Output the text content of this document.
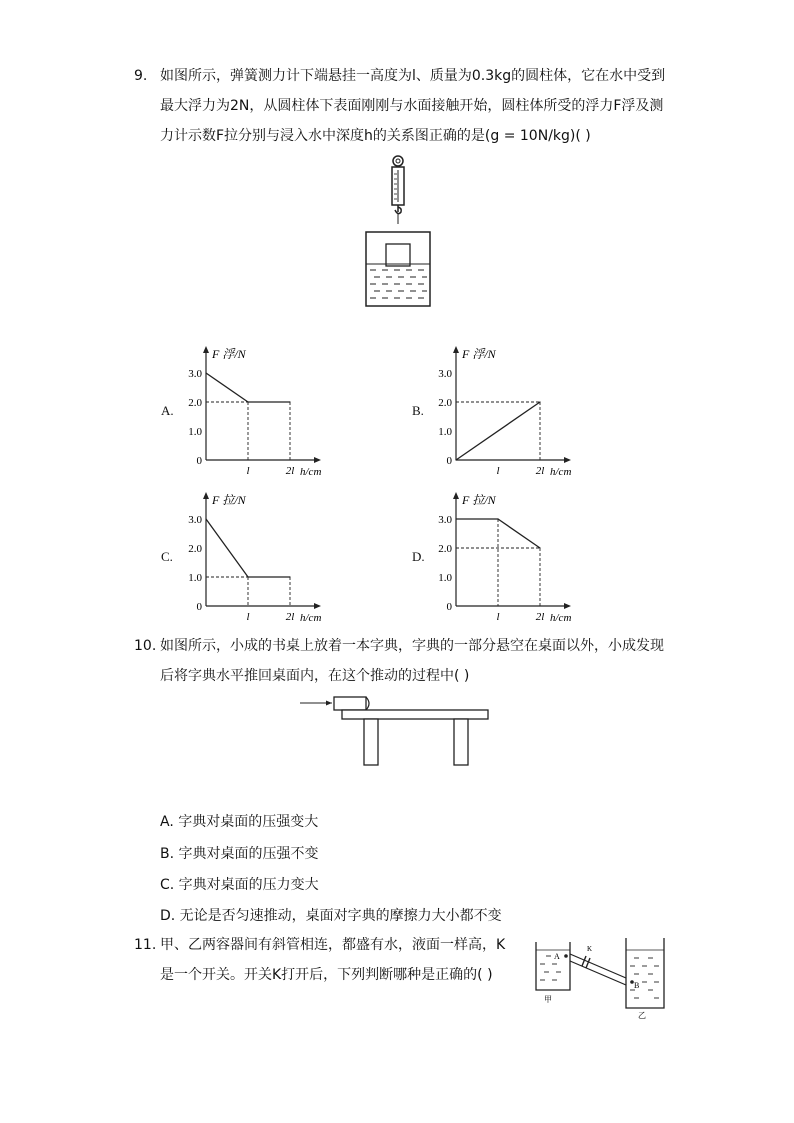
9. 如图所示，弹簧测力计下端悬挂一高度为l、质量为0.3kg的圆柱体，它在水中受到
最大浮力为2N，从圆柱体下表面刚刚与水面接触开始，圆柱体所受的浮力F浮及测
力计示数F拉分别与浸入水中深度h的关系图正确的是(g = 10N/kg)( )
A.	B.
C.	D.
F 浮/N
3.0
2.0
1.0
0
l	2l h/cm
F 浮/N
3.0
2.0
1.0
0
l	2l h/cm
F 拉/N
3.0
2.0
1.0
0
l	2l h/cm
F 拉/N
3.0
2.0
1.0
0
l	2l h/cm
10. 如图所示，小成的书桌上放着一本字典，字典的一部分悬空在桌面以外，小成发现
后将字典水平推回桌面内，在这个推动的过程中( )
A. 字典对桌面的压强变大
B. 字典对桌面的压强不变
C. 字典对桌面的压力变大
D. 无论是否匀速推动，桌面对字典的摩擦力大小都不变
11. 甲、乙两容器间有斜管相连，都盛有水，液面一样高，K
是一个开关。开关K打开后，下列判断哪种是正确的( )
A
B
K
甲
乙
